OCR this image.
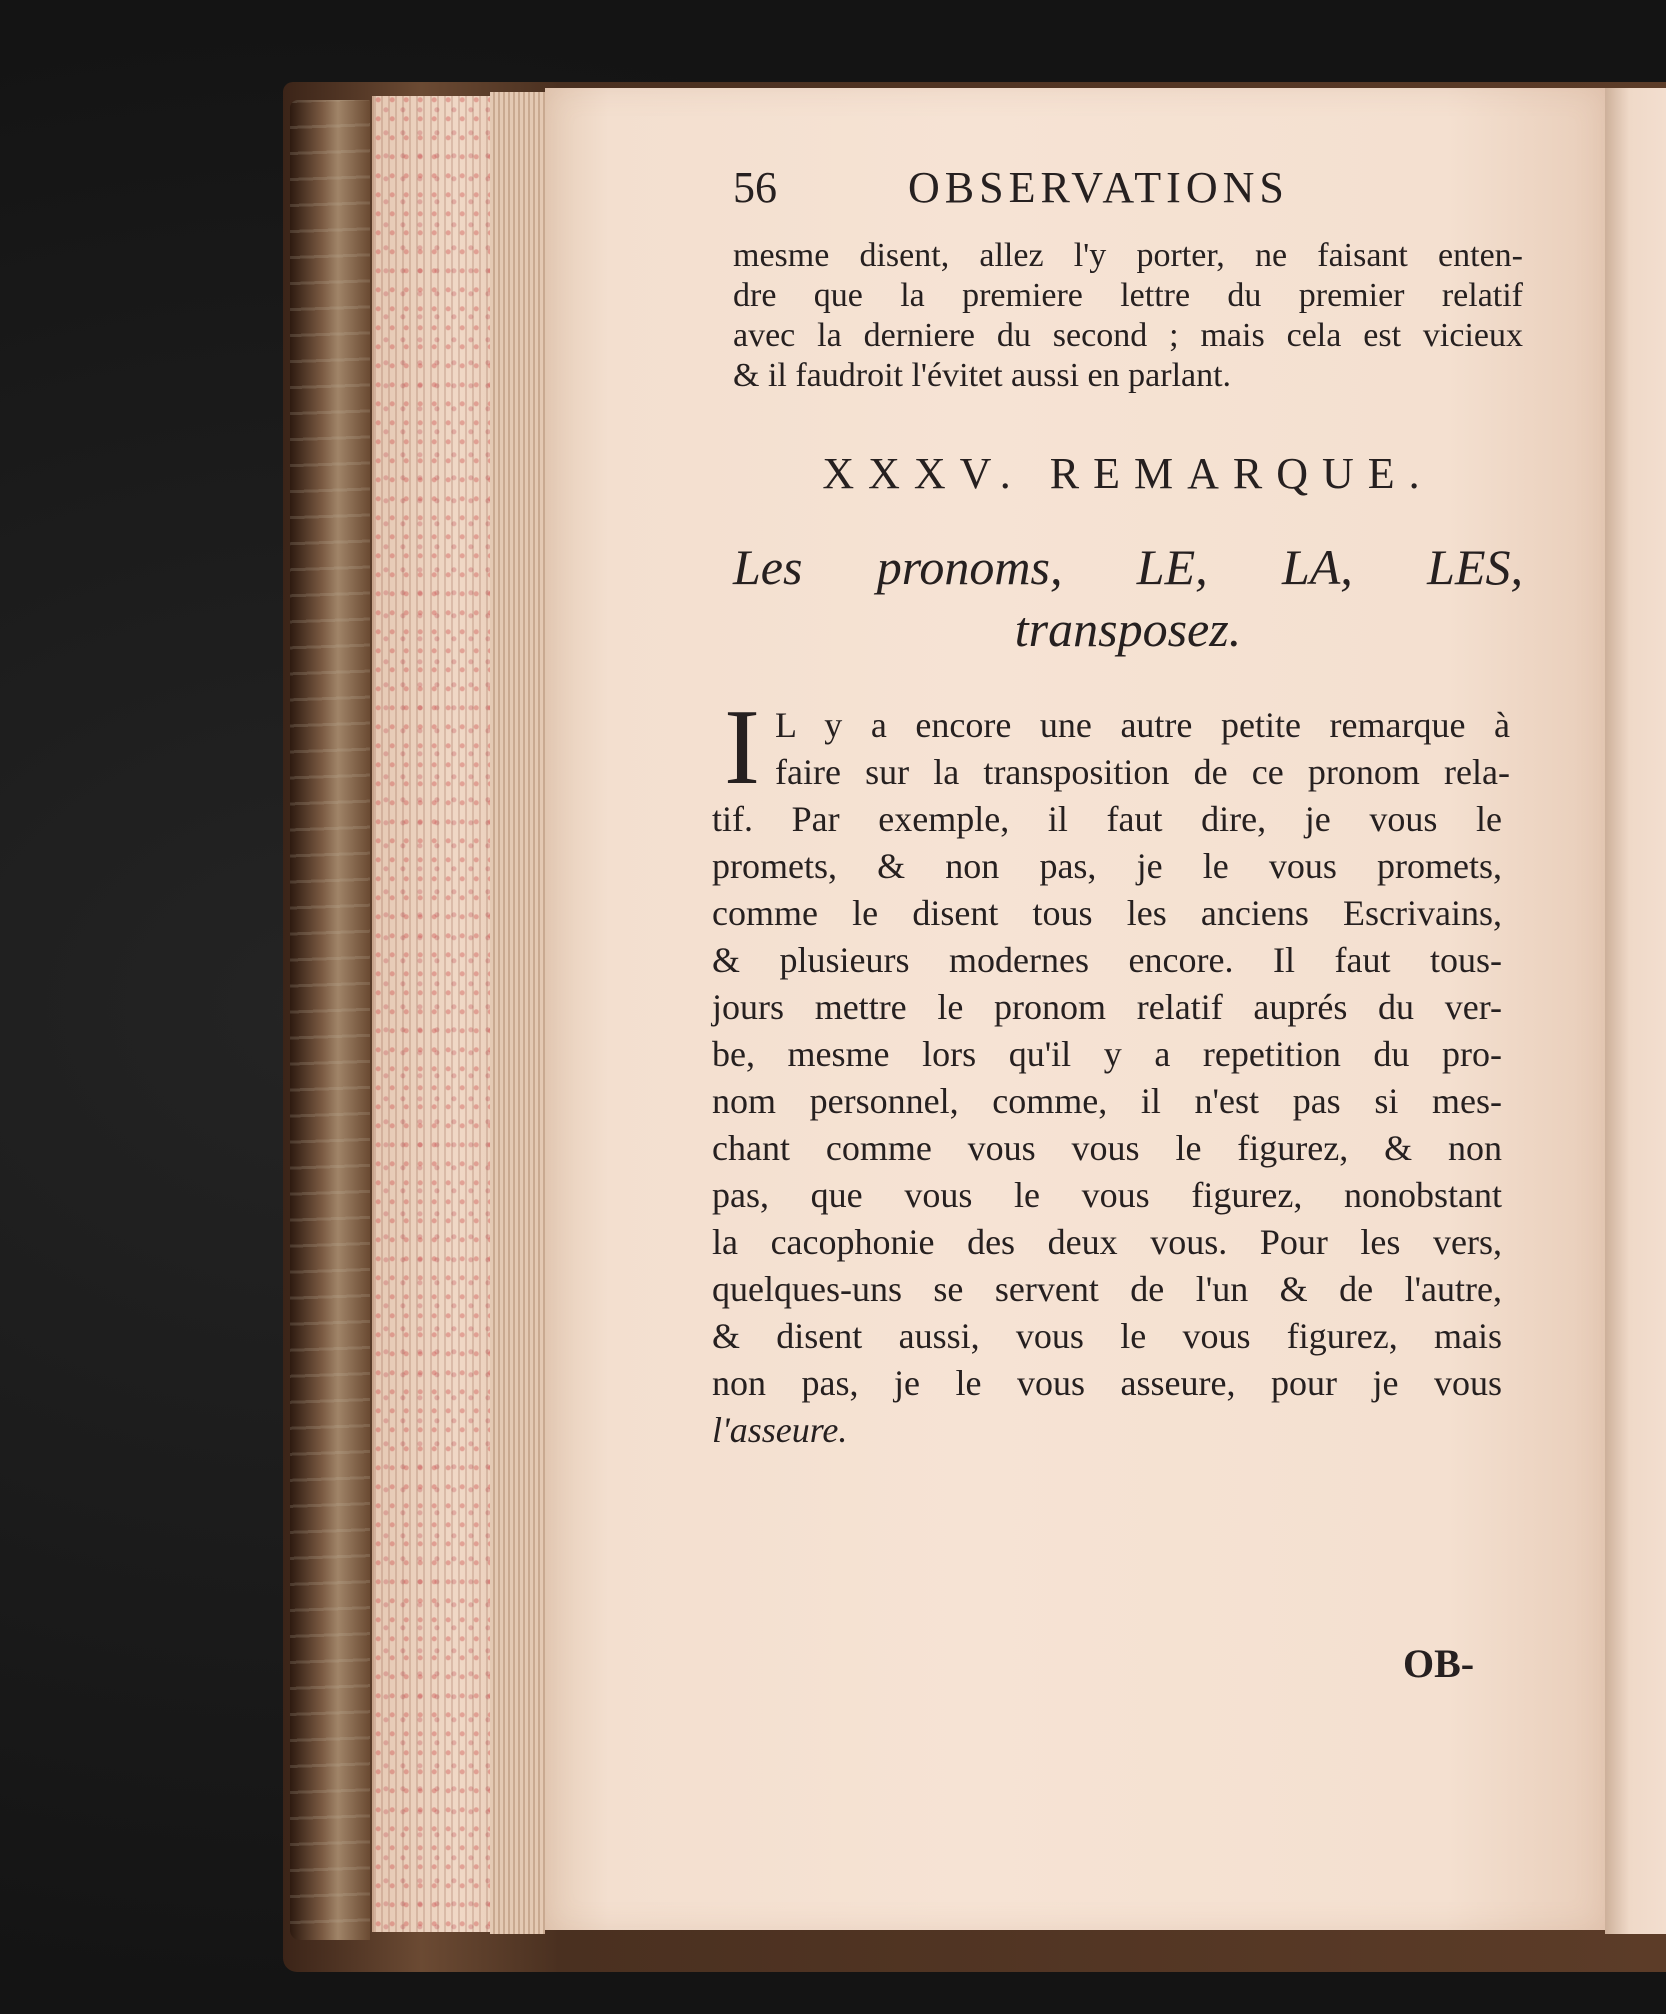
56	OBSERVATIONS
mesme disent, allez l'y porter, ne faisant enten-
dre que la premiere lettre du premier relatif
avec la derniere du second ; mais cela est vicieux
& il faudroit l'évitet aussi en parlant.
XXXV. REMARQUE.
Les pronoms, LE, LA, LES,
transposez.
I L y a encore une autre petite remarque à
faire sur la transposition de ce pronom rela-
tif. Par exemple, il faut dire, je vous le
promets, & non pas, je le vous promets,
comme le disent tous les anciens Escrivains,
& plusieurs modernes encore. Il faut tous-
jours mettre le pronom relatif auprés du ver-
be, mesme lors qu'il y a repetition du pro-
nom personnel, comme, il n'est pas si mes-
chant comme vous vous le figurez, & non
pas, que vous le vous figurez, nonobstant
la cacophonie des deux vous. Pour les vers,
quelques-uns se servent de l'un & de l'autre,
& disent aussi, vous le vous figurez, mais
non pas, je le vous asseure, pour je vous
l'asseure.
OB-
